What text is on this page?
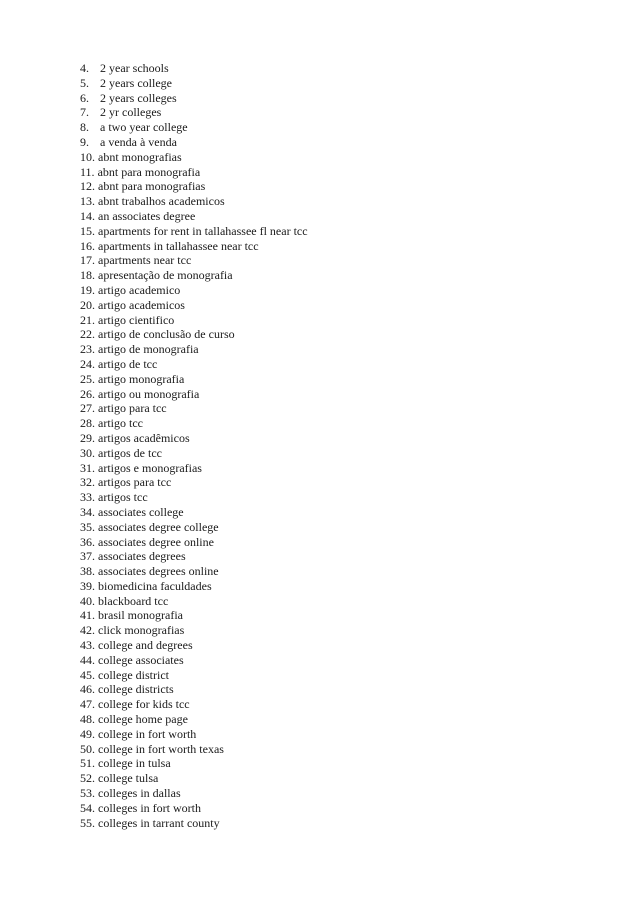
4. 2 year schools
5. 2 years college
6. 2 years colleges
7. 2 yr colleges
8. a two year college
9. a venda à venda
10. abnt monografias
11. abnt para monografia
12. abnt para monografias
13. abnt trabalhos academicos
14. an associates degree
15. apartments for rent in tallahassee fl near tcc
16. apartments in tallahassee near tcc
17. apartments near tcc
18. apresentação de monografia
19. artigo academico
20. artigo academicos
21. artigo cientifico
22. artigo de conclusão de curso
23. artigo de monografia
24. artigo de tcc
25. artigo monografia
26. artigo ou monografia
27. artigo para tcc
28. artigo tcc
29. artigos acadêmicos
30. artigos de tcc
31. artigos e monografias
32. artigos para tcc
33. artigos tcc
34. associates college
35. associates degree college
36. associates degree online
37. associates degrees
38. associates degrees online
39. biomedicina faculdades
40. blackboard tcc
41. brasil monografia
42. click monografias
43. college and degrees
44. college associates
45. college district
46. college districts
47. college for kids tcc
48. college home page
49. college in fort worth
50. college in fort worth texas
51. college in tulsa
52. college tulsa
53. colleges in dallas
54. colleges in fort worth
55. colleges in tarrant county
